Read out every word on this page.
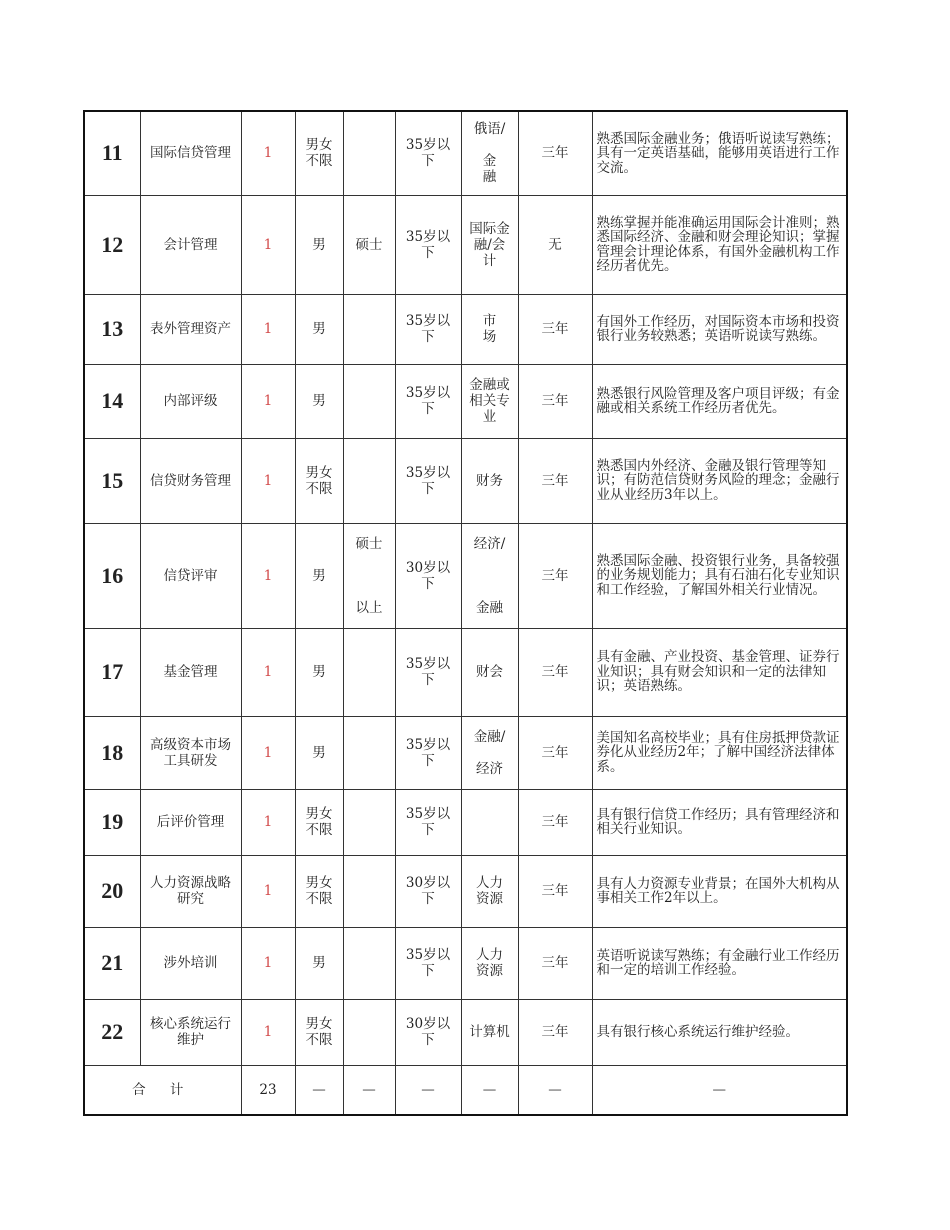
11	国际信贷管理	1	男女
不限		35岁以
下	俄语/

金
融	三年	熟悉国际金融业务；俄语听说读写熟练；具有一定英语基础，能够用英语进行工作交流。
12	会计管理	1	男	硕士	35岁以
下	国际金
融/会
计	无	熟练掌握并能准确运用国际会计准则；熟悉国际经济、金融和财会理论知识；掌握管理会计理论体系，有国外金融机构工作经历者优先。
13	表外管理资产	1	男		35岁以
下	市
场	三年	有国外工作经历，对国际资本市场和投资银行业务较熟悉；英语听说读写熟练。
14	内部评级	1	男		35岁以
下	金融或
相关专
业	三年	熟悉银行风险管理及客户项目评级；有金融或相关系统工作经历者优先。
15	信贷财务管理	1	男女
不限		35岁以
下	财务	三年	熟悉国内外经济、金融及银行管理等知识；有防范信贷财务风险的理念；金融行业从业经历3年以上。
16	信贷评审	1	男	硕士

以上	30岁以
下	经济/

金融	三年	熟悉国际金融、投资银行业务，具备较强的业务规划能力；具有石油石化专业知识和工作经验，了解国外相关行业情况。
17	基金管理	1	男		35岁以
下	财会	三年	具有金融、产业投资、基金管理、证券行业知识；具有财会知识和一定的法律知识；英语熟练。
18	高级资本市场
工具研发	1	男		35岁以
下	金融/

经济	三年	美国知名高校毕业；具有住房抵押贷款证券化从业经历2年；了解中国经济法律体系。
19	后评价管理	1	男女
不限		35岁以
下		三年	具有银行信贷工作经历；具有管理经济和相关行业知识。
20	人力资源战略
研究	1	男女
不限		30岁以
下	人力
资源	三年	具有人力资源专业背景；在国外大机构从事相关工作2年以上。
21	涉外培训	1	男		35岁以
下	人力
资源	三年	英语听说读写熟练；有金融行业工作经历和一定的培训工作经验。
22	核心系统运行
维护	1	男女
不限		30岁以
下	计算机	三年	具有银行核心系统运行维护经验。
合 计		23	—	—	—	—	—	—
